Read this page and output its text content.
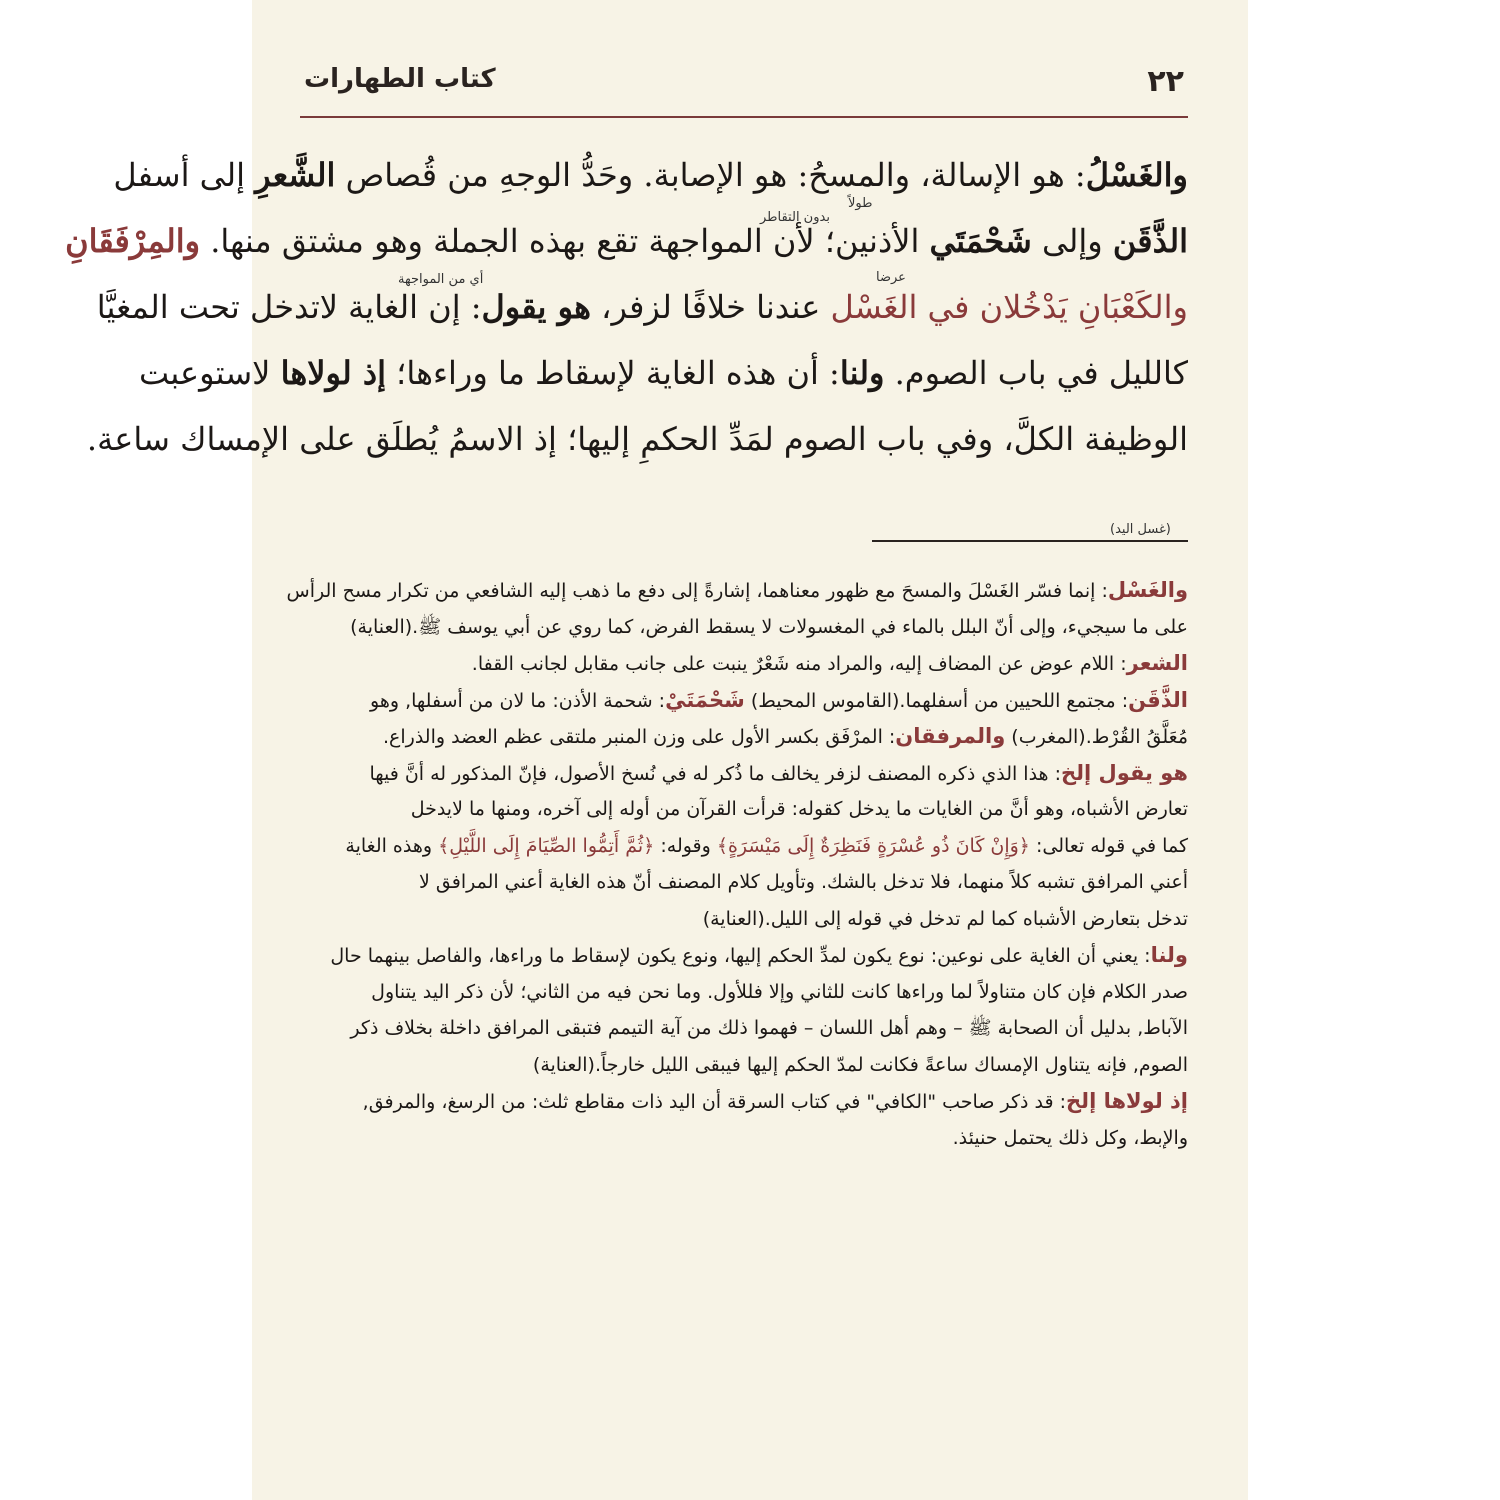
٢٢
كتاب الطهارات
والغَسْلُ: هو الإسالة، والمسحُ: هو الإصابة. وحَدُّ الوجهِ من قُصاص الشَّعرِ إلى أسفل
الذَّقَن وإلى شَحْمَتَي الأذنين؛ لأن المواجهة تقع بهذه الجملة وهو مشتق منها. والمِرْفَقَانِ
والكَعْبَانِ يَدْخُلان في الغَسْل عندنا خلافًا لزفر، هو يقول: إن الغاية لاتدخل تحت المغيَّا
كالليل في باب الصوم. ولنا: أن هذه الغاية لإسقاط ما وراءها؛ إذ لولاها لاستوعبت
الوظيفة الكلَّ، وفي باب الصوم لمَدِّ الحكمِ إليها؛ إذ الاسمُ يُطلَق على الإمساك ساعة.
بدون التقاطر
طولاً
عرضا
أي من المواجهة
(غسل اليد)
والغَسْل: إنما فسّر الغَسْلَ والمسحَ مع ظهور معناهما، إشارةً إلى دفع ما ذهب إليه الشافعي من تكرار مسح الرأس
على ما سيجيء، وإلى أنّ البلل بالماء في المغسولات لا يسقط الفرض، كما روي عن أبي يوسف ﷺ.(العناية)
الشعر: اللام عوض عن المضاف إليه، والمراد منه شَعْرٌ ينبت على جانب مقابل لجانب القفا.
الذَّقَن: مجتمع اللحيين من أسفلهما.(القاموس المحيط) شَحْمَتَيْ: شحمة الأذن: ما لان من أسفلها, وهو
مُعَلَّقُ القُرْط.(المغرب) والمرفقان: المرْفَق بكسر الأول على وزن المنبر ملتقى عظم العضد والذراع.
هو يقول إلخ: هذا الذي ذكره المصنف لزفر يخالف ما ذُكر له في نُسخ الأصول، فإنّ المذكور له أنَّ فيها
تعارض الأشباه، وهو أنَّ من الغايات ما يدخل كقوله: قرأت القرآن من أوله إلى آخره، ومنها ما لايدخل
كما في قوله تعالى: ﴿وَإِنْ كَانَ ذُو عُسْرَةٍ فَنَظِرَةٌ إِلَى مَيْسَرَةٍ﴾ وقوله: ﴿ثُمَّ أَتِمُّوا الصِّيَامَ إِلَى اللَّيْلِ﴾ وهذه الغاية
أعني المرافق تشبه كلاً منهما، فلا تدخل بالشك. وتأويل كلام المصنف أنّ هذه الغاية أعني المرافق لا
تدخل بتعارض الأشباه كما لم تدخل في قوله إلى الليل.(العناية)
ولنا: يعني أن الغاية على نوعين: نوع يكون لمدِّ الحكم إليها، ونوع يكون لإسقاط ما وراءها، والفاصل بينهما حال
صدر الكلام فإن كان متناولاً لما وراءها كانت للثاني وإلا فللأول. وما نحن فيه من الثاني؛ لأن ذكر اليد يتناول
الآباط, بدليل أن الصحابة ﷺ – وهم أهل اللسان – فهموا ذلك من آية التيمم فتبقى المرافق داخلة بخلاف ذكر
الصوم, فإنه يتناول الإمساك ساعةً فكانت لمدّ الحكم إليها فيبقى الليل خارجاً.(العناية)
إذ لولاها إلخ: قد ذكر صاحب "الكافي" في كتاب السرقة أن اليد ذات مقاطع ثلث: من الرسغ، والمرفق,
والإبط، وكل ذلك يحتمل حنيئذ.
